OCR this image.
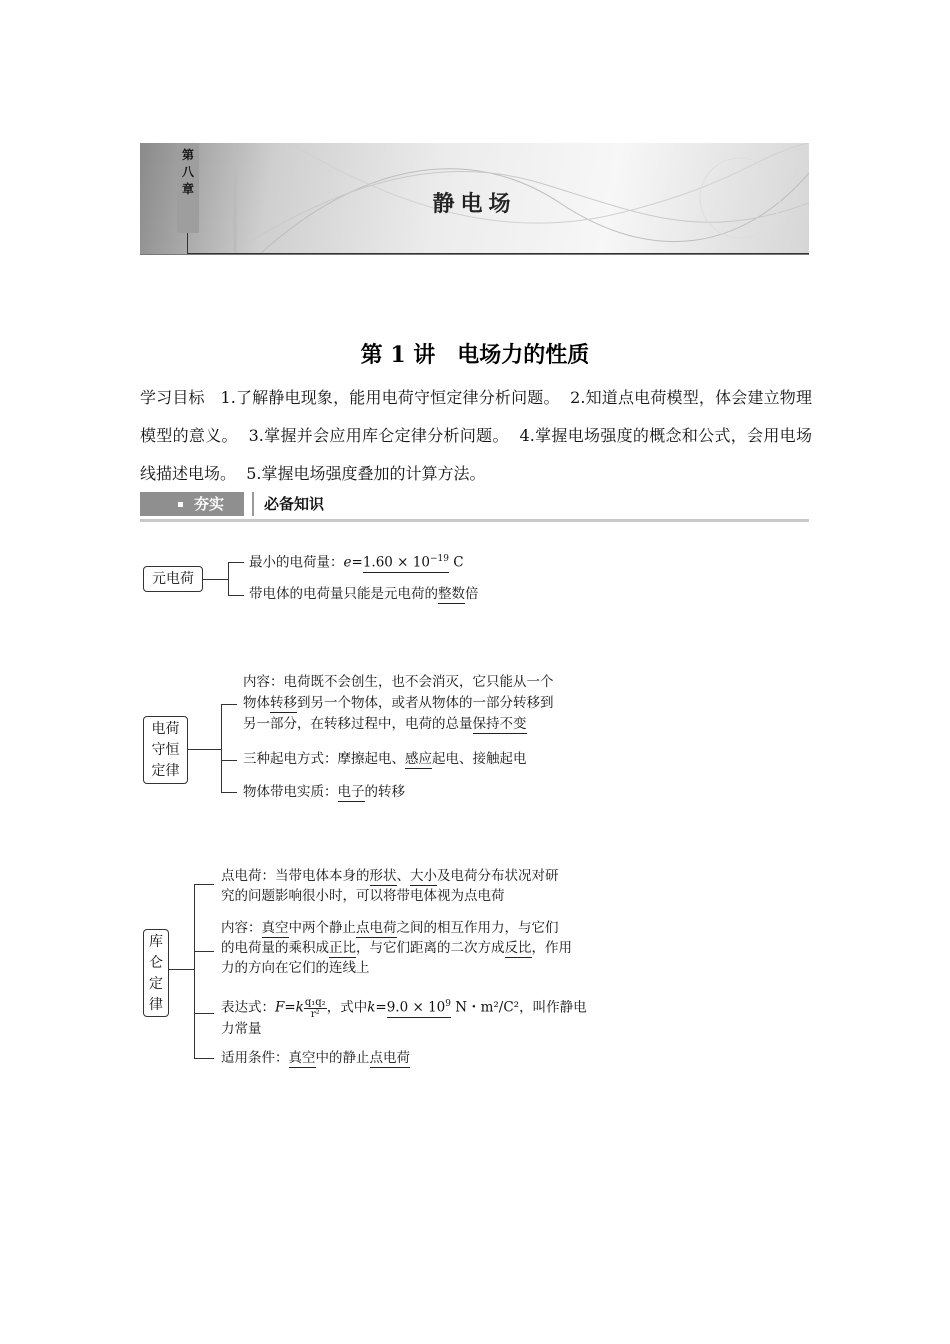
第
八
章
静电场
第 1 讲　电场力的性质
学习目标 1.了解静电现象，能用电荷守恒定律分析问题。 2.知道点电荷模型，体会建立物理模型的意义。 3.掌握并会应用库仑定律分析问题。 4.掌握电场强度的概念和公式，会用电场线描述电场。 5.掌握电场强度叠加的计算方法。
夯实	必备知识
元电荷
最小的电荷量：$e=1.60 \times 10^{-19}$ C
带电体的电荷量只能是元电荷的整数倍
电荷
守恒
定律
内容：电荷既不会创生，也不会消灭，它只能从一个
物体转移到另一个物体，或者从物体的一部分转移到
另一部分，在转移过程中，电荷的总量保持不变
三种起电方式：摩擦起电、感应起电、接触起电
物体带电实质：电子的转移
库
仑
定
律
点电荷：当带电体本身的形状、大小及电荷分布状况对研
究的问题影响很小时，可以将带电体视为点电荷
内容：真空中两个静止点电荷之间的相互作用力，与它们
的电荷量的乘积成正比，与它们距离的二次方成反比，作用
力的方向在它们的连线上
表达式：$F=k \frac{\text{q₁q₂}}{\text{r²}}$ ，式中$k=9.0 \times 10^9$ N・m²/C²，叫作静电
力常量
适用条件：真空中的静止点电荷
